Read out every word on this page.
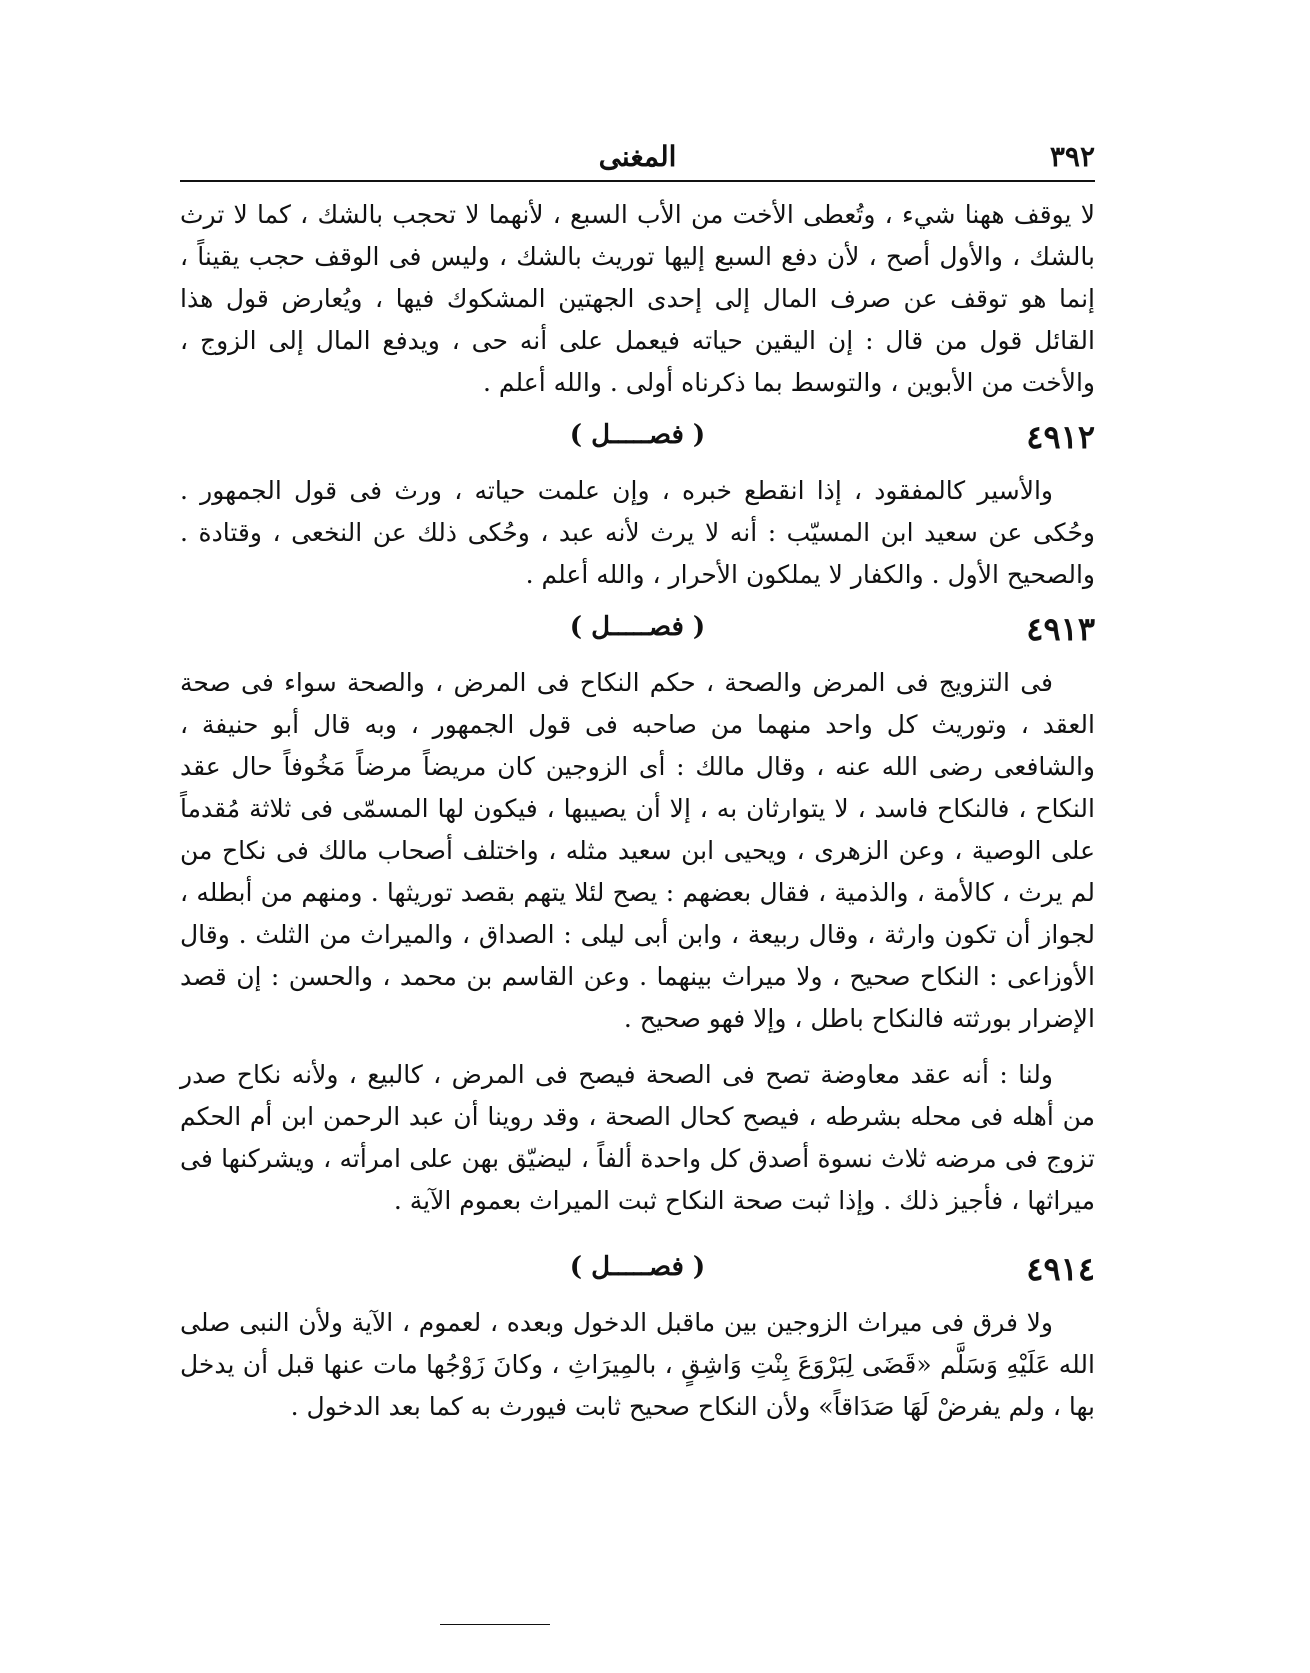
٣٩٢
المغنى

لا يوقف ههنا شيء ، وتُعطى الأخت من الأب السبع ، لأنهما لا تحجب بالشك ، كما لا ترث بالشك ، والأول أصح ، لأن دفع السبع إليها توريث بالشك ، وليس فى الوقف حجب يقيناً ، إنما هو توقف عن صرف المال إلى إحدى الجهتين المشكوك فيها ، ويُعارض قول هذا القائل قول من قال : إن اليقين حياته فيعمل على أنه حى ، ويدفع المال إلى الزوج ، والأخت من الأبوين ، والتوسط بما ذكرناه أولى . والله أعلم .

٤٩١٢
( فصـــــل )

والأسير كالمفقود ، إذا انقطع خبره ، وإن علمت حياته ، ورث فى قول الجمهور . وحُكى عن سعيد ابن المسيّب : أنه لا يرث لأنه عبد ، وحُكى ذلك عن النخعى ، وقتادة . والصحيح الأول . والكفار لا يملكون الأحرار ، والله أعلم .

٤٩١٣
( فصـــــل )

فى التزويج فى المرض والصحة ، حكم النكاح فى المرض ، والصحة سواء فى صحة العقد ، وتوريث كل واحد منهما من صاحبه فى قول الجمهور ، وبه قال أبو حنيفة ، والشافعى رضى الله عنه ، وقال مالك : أى الزوجين كان مريضاً مرضاً مَخُوفاً حال عقد النكاح ، فالنكاح فاسد ، لا يتوارثان به ، إلا أن يصيبها ، فيكون لها المسمّى فى ثلاثة مُقدماً على الوصية ، وعن الزهرى ، ويحيى ابن سعيد مثله ، واختلف أصحاب مالك فى نكاح من لم يرث ، كالأمة ، والذمية ، فقال بعضهم : يصح لئلا يتهم بقصد توريثها . ومنهم من أبطله ، لجواز أن تكون وارثة ، وقال ربيعة ، وابن أبى ليلى : الصداق ، والميراث من الثلث . وقال الأوزاعى : النكاح صحيح ، ولا ميراث بينهما . وعن القاسم بن محمد ، والحسن : إن قصد الإضرار بورثته فالنكاح باطل ، وإلا فهو صحيح .

ولنا : أنه عقد معاوضة تصح فى الصحة فيصح فى المرض ، كالبيع ، ولأنه نكاح صدر من أهله فى محله بشرطه ، فيصح كحال الصحة ، وقد روينا أن عبد الرحمن ابن أم الحكم تزوج فى مرضه ثلاث نسوة أصدق كل واحدة ألفاً ، ليضيّق بهن على امرأته ، ويشركنها فى ميراثها ، فأجيز ذلك . وإذا ثبت صحة النكاح ثبت الميراث بعموم الآية .

٤٩١٤
( فصـــــل )

ولا فرق فى ميراث الزوجين بين ماقبل الدخول وبعده ، لعموم ، الآية ولأن النبى صلى الله عَلَيْهِ وَسَلَّم «قَضَى لِبَرْوَعَ بِنْتِ وَاشِقٍ ، بالمِيرَاثِ ، وكانَ زَوْجُها مات عنها قبل أن يدخل بها ، ولم يفرضْ لَهَا صَدَاقاً» ولأن النكاح صحيح ثابت فيورث به كما بعد الدخول .
